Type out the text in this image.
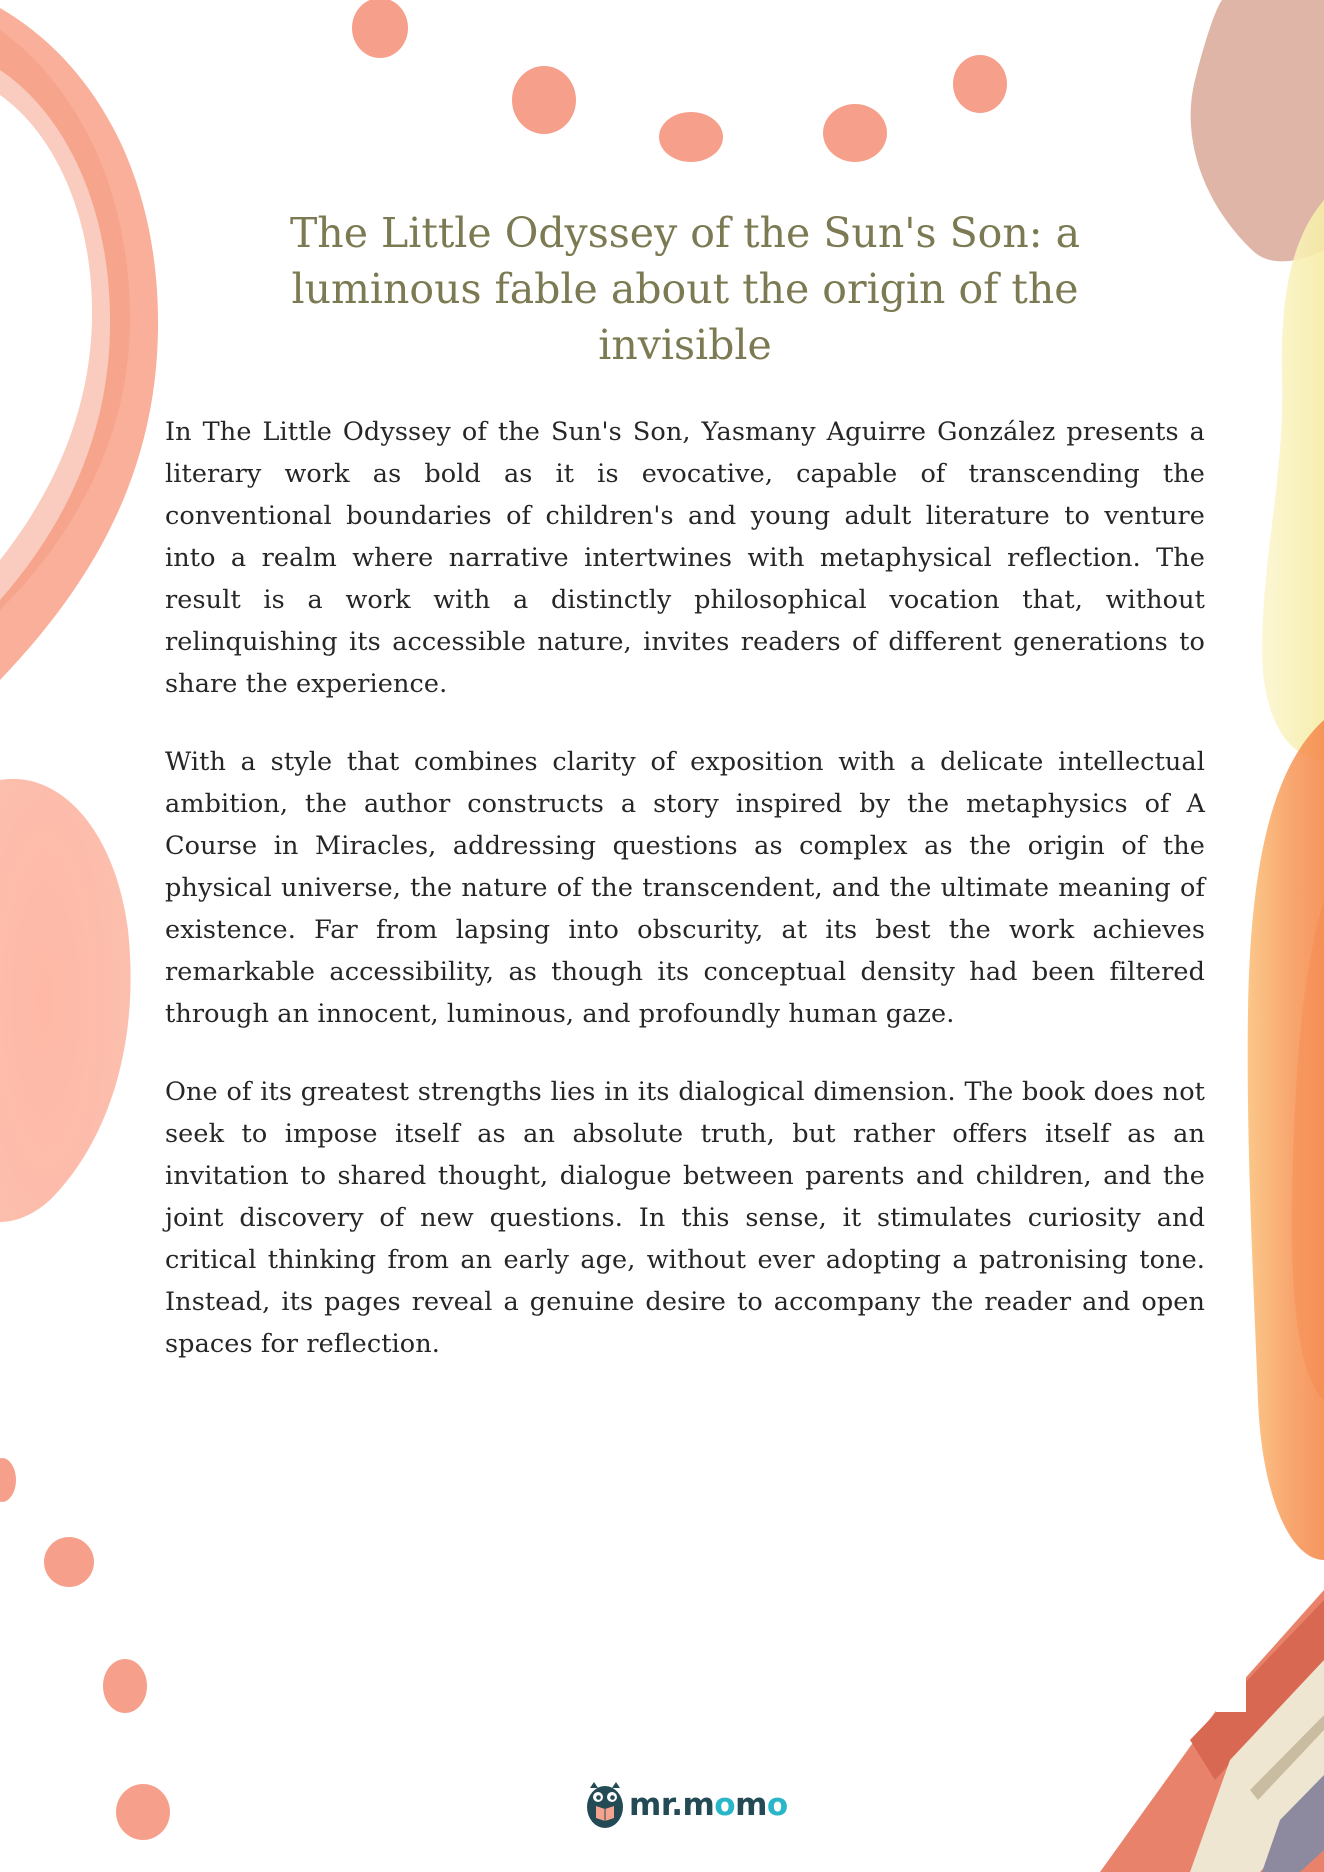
The Little Odyssey of the Sun's Son: a luminous fable about the origin of the invisible

In The Little Odyssey of the Sun's Son, Yasmany Aguirre González presents a literary work as bold as it is evocative, capable of transcending the conventional boundaries of children's and young adult literature to venture into a realm where narrative intertwines with metaphysical reflection. The result is a work with a distinctly philosophical vocation that, without relinquishing its accessible nature, invites readers of different generations to share the experience.

With a style that combines clarity of exposition with a delicate intellectual ambition, the author constructs a story inspired by the metaphysics of A Course in Miracles, addressing questions as complex as the origin of the physical universe, the nature of the transcendent, and the ultimate meaning of existence. Far from lapsing into obscurity, at its best the work achieves remarkable accessibility, as though its conceptual density had been filtered through an innocent, luminous, and profoundly human gaze.

One of its greatest strengths lies in its dialogical dimension. The book does not seek to impose itself as an absolute truth, but rather offers itself as an invitation to shared thought, dialogue between parents and children, and the joint discovery of new questions. In this sense, it stimulates curiosity and critical thinking from an early age, without ever adopting a patronising tone. Instead, its pages reveal a genuine desire to accompany the reader and open spaces for reflection.

mr.momo
